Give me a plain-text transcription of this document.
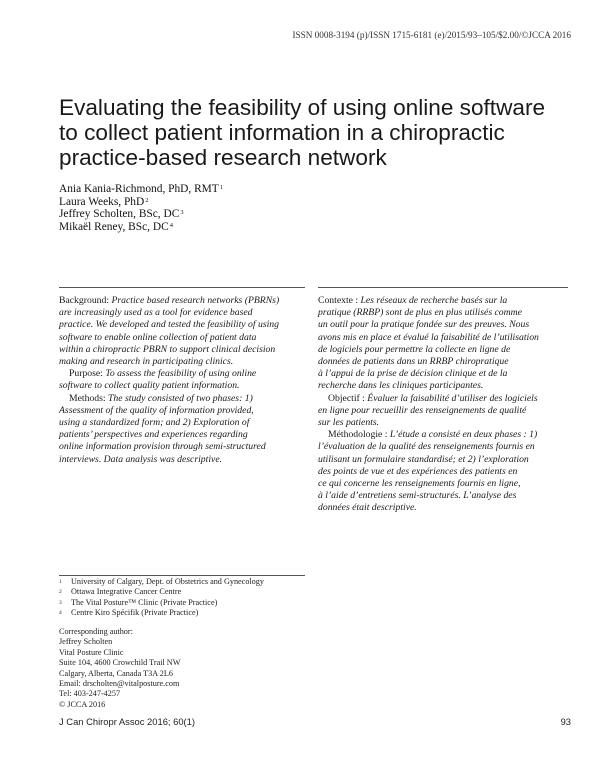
ISSN 0008-3194 (p)/ISSN 1715-6181 (e)/2015/93–105/$2.00/©JCCA 2016
Evaluating the feasibility of using online software
to collect patient information in a chiropractic
practice-based research network
Ania Kania-Richmond, PhD, RMT$^1$
Laura Weeks, PhD$^2$
Jeffrey Scholten, BSc, $DC^3$
Mikaël Reney, BSc, $DC^4$

Background: Practice based research networks (PBRNs)
are increasingly used as a tool for evidence based
practice. We developed and tested the feasibility of using
software to enable online collection of patient data
within a chiropractic PBRN to support clinical decision
making and research in participating clinics.

Purpose: To assess the feasibility of using online
software to collect quality patient information.

Methods: The study consisted of two phases: 1)
Assessment of the quality of information provided,
using a standardized form; and 2) Exploration of
patients’ perspectives and experiences regarding
online information provision through semi-structured
interviews. Data analysis was descriptive.

Contexte : Les réseaux de recherche basés sur la
pratique (RRBP) sont de plus en plus utilisés comme
un outil pour la pratique fondée sur des preuves. Nous
avons mis en place et évalué la faisabilité de l’utilisation
de logiciels pour permettre la collecte en ligne de
données de patients dans un RRBP chiropratique
à l’appui de la prise de décision clinique et de la
recherche dans les cliniques participantes.

Objectif : Évaluer la faisabilité d’utiliser des logiciels
en ligne pour recueillir des renseignements de qualité
sur les patients.

Méthodologie : L’étude a consisté en deux phases : 1)
l’évaluation de la qualité des renseignements fournis en
utilisant un formulaire standardisé; et 2) l’exploration
des points de vue et des expériences des patients en
ce qui concerne les renseignements fournis en ligne,
à l’aide d’entretiens semi-structurés. L’analyse des
données était descriptive.

$^1$ University of Calgary, Dept. of Obstetrics and Gynecology
$^2$ Ottawa Integrative Cancer Centre
$^3$ The Vital Posture™ Clinic (Private Practice)
$^4$ Centre Kiro Spécifik (Private Practice)
Corresponding author:
Jeffrey Scholten
Vital Posture Clinic
Suite 104, 4600 Crowchild Trail NW
Calgary, Alberta, Canada T3A 2L6
Email: drscholten@vitalposture.com
Tel: 403-247-4257
© JCCA 2016
J Can Chiropr Assoc 2016; 60(1)	93
